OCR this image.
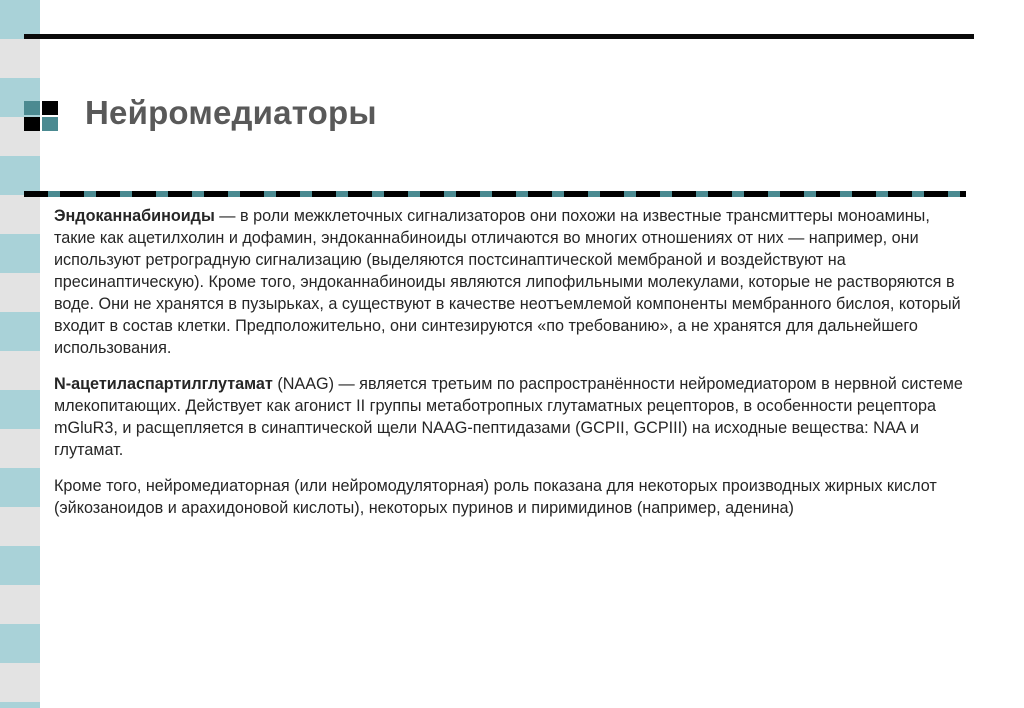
Нейромедиаторы

Эндоканнабиноиды — в роли межклеточных сигнализаторов они похожи на известные трансмиттеры моноамины, такие как ацетилхолин и дофамин, эндоканнабиноиды отличаются во многих отношениях от них — например, они используют ретроградную сигнализацию (выделяются постсинаптической мембраной и воздействуют на пресинаптическую). Кроме того, эндоканнабиноиды являются липофильными молекулами, которые не растворяются в воде. Они не хранятся в пузырьках, а существуют в качестве неотъемлемой компоненты мембранного бислоя, который входит в состав клетки. Предположительно, они синтезируются «по требованию», а не хранятся для дальнейшего использования.

N-ацетиласпартилглутамат (NAAG) — является третьим по распространённости нейромедиатором в нервной системе млекопитающих. Действует как агонист II группы метаботропных глутаматных рецепторов, в особенности рецептора mGluR3, и расщепляется в синаптической щели NAAG-пептидазами (GCPII, GCPIII) на исходные вещества: NAA и глутамат.

Кроме того, нейромедиаторная (или нейромодуляторная) роль показана для некоторых производных жирных кислот (эйкозаноидов и арахидоновой кислоты), некоторых пуринов и пиримидинов (например, аденина)
